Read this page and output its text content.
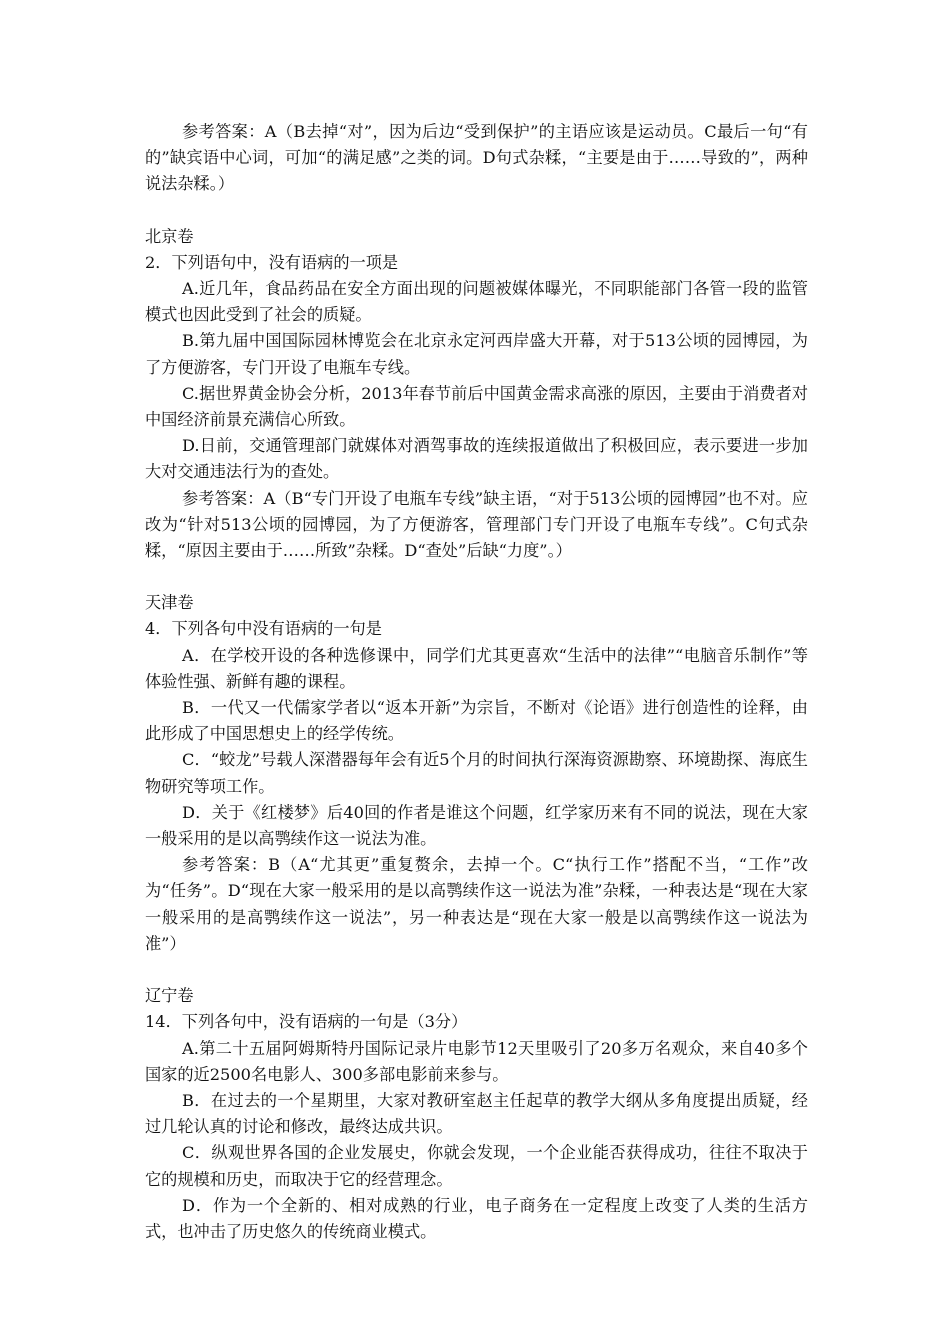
参考答案：A（B去掉“对”，因为后边“受到保护”的主语应该是运动员。C最后一句“有的”缺宾语中心词，可加“的满足感”之类的词。D句式杂糅，“主要是由于……导致的”，两种说法杂糅。）

北京卷

2．下列语句中，没有语病的一项是

A.近几年，食品药品在安全方面出现的问题被媒体曝光，不同职能部门各管一段的监管模式也因此受到了社会的质疑。

B.第九届中国国际园林博览会在北京永定河西岸盛大开幕，对于513公顷的园博园，为了方便游客，专门开设了电瓶车专线。

C.据世界黄金协会分析，2013年春节前后中国黄金需求高涨的原因，主要由于消费者对中国经济前景充满信心所致。

D.日前，交通管理部门就媒体对酒驾事故的连续报道做出了积极回应，表示要进一步加大对交通违法行为的查处。

参考答案：A（B“专门开设了电瓶车专线”缺主语，“对于513公顷的园博园”也不对。应改为“针对513公顷的园博园，为了方便游客，管理部门专门开设了电瓶车专线”。C句式杂糅，“原因主要由于……所致”杂糅。D“查处”后缺“力度”。）

天津卷

4．下列各句中没有语病的一句是

A．在学校开设的各种选修课中，同学们尤其更喜欢“生活中的法律”“电脑音乐制作”等体验性强、新鲜有趣的课程。

B．一代又一代儒家学者以“返本开新”为宗旨，不断对《论语》进行创造性的诠释，由此形成了中国思想史上的经学传统。

C．“蛟龙”号载人深潜器每年会有近5个月的时间执行深海资源勘察、环境勘探、海底生物研究等项工作。

D．关于《红楼梦》后40回的作者是谁这个问题，红学家历来有不同的说法，现在大家一般采用的是以高鹗续作这一说法为准。

参考答案：B（A“尤其更”重复赘余，去掉一个。C“执行工作”搭配不当，“工作”改为“任务”。D“现在大家一般采用的是以高鹗续作这一说法为准”杂糅，一种表达是“现在大家一般采用的是高鹗续作这一说法”，另一种表达是“现在大家一般是以高鹗续作这一说法为准”）

辽宁卷

14．下列各句中，没有语病的一句是（3分）

A.第二十五届阿姆斯特丹国际记录片电影节12天里吸引了20多万名观众，来自40多个国家的近2500名电影人、300多部电影前来参与。

B．在过去的一个星期里，大家对教研室赵主任起草的教学大纲从多角度提出质疑，经过几轮认真的讨论和修改，最终达成共识。

C．纵观世界各国的企业发展史，你就会发现，一个企业能否获得成功，往往不取决于它的规模和历史，而取决于它的经营理念。

D．作为一个全新的、相对成熟的行业，电子商务在一定程度上改变了人类的生活方式，也冲击了历史悠久的传统商业模式。
